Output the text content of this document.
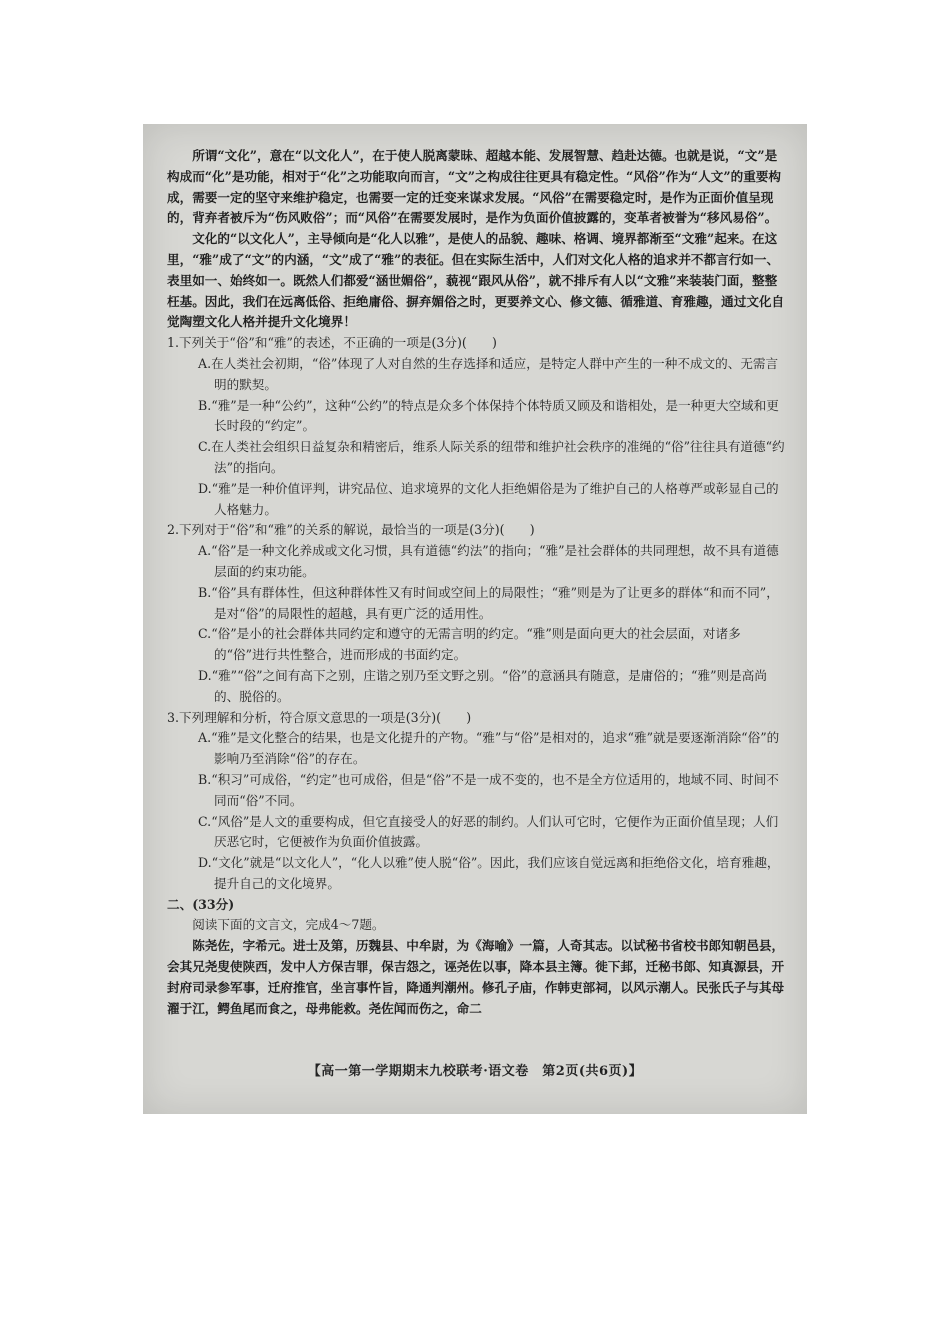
所谓“文化”，意在“以文化人”，在于使人脱离蒙昧、超越本能、发展智慧、趋赴达德。也就是说，“文”是构成而“化”是功能，相对于“化”之功能取向而言，“文”之构成往往更具有稳定性。“风俗”作为“人文”的重要构成，需要一定的坚守来维护稳定，也需要一定的迁变来谋求发展。“风俗”在需要稳定时，是作为正面价值呈现的，背弃者被斥为“伤风败俗”；而“风俗”在需要发展时，是作为负面价值披露的，变革者被誉为“移风易俗”。

文化的“以文化人”，主导倾向是“化人以雅”，是使人的品貌、趣味、格调、境界都渐至“文雅”起来。在这里，“雅”成了“文”的内涵，“文”成了“雅”的表征。但在实际生活中，人们对文化人格的追求并不都言行如一、表里如一、始终如一。既然人们都爱“涵世媚俗”，藐视“跟风从俗”，就不排斥有人以“文雅”来装装门面，整整枉基。因此，我们在远离低俗、拒绝庸俗、摒弃媚俗之时，更要养文心、修文德、循雅道、育雅趣，通过文化自觉陶塑文化人格并提升文化境界！

1.下列关于“俗”和“雅”的表述，不正确的一项是(3分)(　　)

A.在人类社会初期，“俗”体现了人对自然的生存选择和适应，是特定人群中产生的一种不成文的、无需言明的默契。
B.“雅”是一种“公约”，这种“公约”的特点是众多个体保持个体特质又顾及和谐相处，是一种更大空域和更长时段的“约定”。
C.在人类社会组织日益复杂和精密后，维系人际关系的纽带和维护社会秩序的准绳的“俗”往往具有道德“约法”的指向。
D.“雅”是一种价值评判，讲究品位、追求境界的文化人拒绝媚俗是为了维护自己的人格尊严或彰显自己的人格魅力。

2.下列对于“俗”和“雅”的关系的解说，最恰当的一项是(3分)(　　)

A.“俗”是一种文化养成或文化习惯，具有道德“约法”的指向；“雅”是社会群体的共同理想，故不具有道德层面的约束功能。
B.“俗”具有群体性，但这种群体性又有时间或空间上的局限性；“雅”则是为了让更多的群体“和而不同”，是对“俗”的局限性的超越，具有更广泛的适用性。
C.“俗”是小的社会群体共同约定和遵守的无需言明的约定。“雅”则是面向更大的社会层面，对诸多的“俗”进行共性整合，进而形成的书面约定。
D.“雅”“俗”之间有高下之别，庄谐之别乃至文野之别。“俗”的意涵具有随意，是庸俗的；“雅”则是高尚的、脱俗的。

3.下列理解和分析，符合原文意思的一项是(3分)(　　)

A.“雅”是文化整合的结果，也是文化提升的产物。“雅”与“俗”是相对的，追求“雅”就是要逐渐消除“俗”的影响乃至消除“俗”的存在。
B.“积习”可成俗，“约定”也可成俗，但是“俗”不是一成不变的，也不是全方位适用的，地域不同、时间不同而“俗”不同。
C.“风俗”是人文的重要构成，但它直接受人的好恶的制约。人们认可它时，它便作为正面价值呈现；人们厌恶它时，它便被作为负面价值披露。
D.“文化”就是“以文化人”，“化人以雅”使人脱“俗”。因此，我们应该自觉远离和拒绝俗文化，培育雅趣，提升自己的文化境界。

二、(33分)

阅读下面的文言文，完成4～7题。

陈尧佐，字希元。进士及第，历魏县、中牟尉，为《海喻》一篇，人奇其志。以试秘书省校书郎知朝邑县，会其兄尧叟使陕西，发中人方保吉罪，保吉怨之，诬尧佐以事，降本县主簿。徙下邽，迁秘书郎、知真源县，开封府司录参军事，迁府推官，坐言事忤旨，降通判潮州。修孔子庙，作韩吏部祠，以风示潮人。民张氏子与其母濯于江，鳄鱼尾而食之，母弗能救。尧佐闻而伤之，命二

【高一第一学期期末九校联考·语文卷　第2页(共6页)】
